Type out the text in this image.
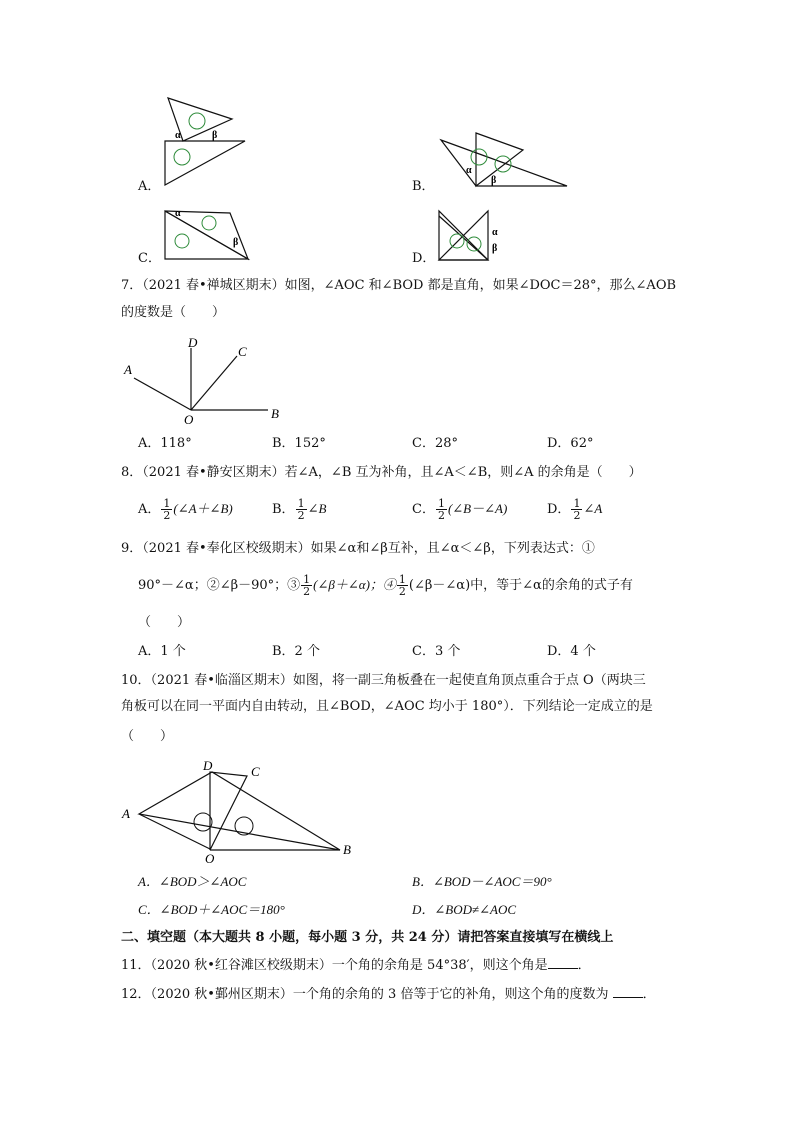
A．
α	β
B．
α
β
C．
α
β
D．
α
β
7．（2021 春•禅城区期末）如图，∠AOC 和∠BOD 都是直角，如果∠DOC＝28°，那么∠AOB
的度数是（　　）
A
D
C
B
O
A．118°	B．152°	C．28°	D．62°
8．（2021 春•静安区期末）若∠A，∠B 互为补角，且∠A＜∠B，则∠A 的余角是（　　）
A． $\frac{1}{2}$ (∠A＋∠B)	B． $\frac{1}{2}$ ∠B	C． $\frac{1}{2}$ (∠B－∠A)	D． $\frac{1}{2}$ ∠A
9．（2021 春•奉化区校级期末）如果∠α和∠β互补，且∠α＜∠β，下列表达式：①
90°－∠α；②∠β－90°；③ $\frac{1}{2}$ (∠β＋∠α)；④ $\frac{1}{2}$ (∠β－∠α)中，等于∠α的余角的式子有
（　　）
A．1 个	B．2 个	C．3 个	D．4 个
10．（2021 春•临淄区期末）如图，将一副三角板叠在一起使直角顶点重合于点 O（两块三
角板可以在同一平面内自由转动，且∠BOD，∠AOC 均小于 180°）．下列结论一定成立的是
（　　）
A
D	C
B
O
A．∠BOD＞∠AOC	B．∠BOD－∠AOC＝90°
C．∠BOD＋∠AOC＝180°	D．∠BOD≠∠AOC
二、填空题（本大题共 8 小题，每小题 3 分，共 24 分）请把答案直接填写在横线上
11．（2020 秋•红谷滩区校级期末）一个角的余角是 54°38′，则这个角是 ．
12．（2020 秋•鄞州区期末）一个角的余角的 3 倍等于它的补角，则这个角的度数为	．
